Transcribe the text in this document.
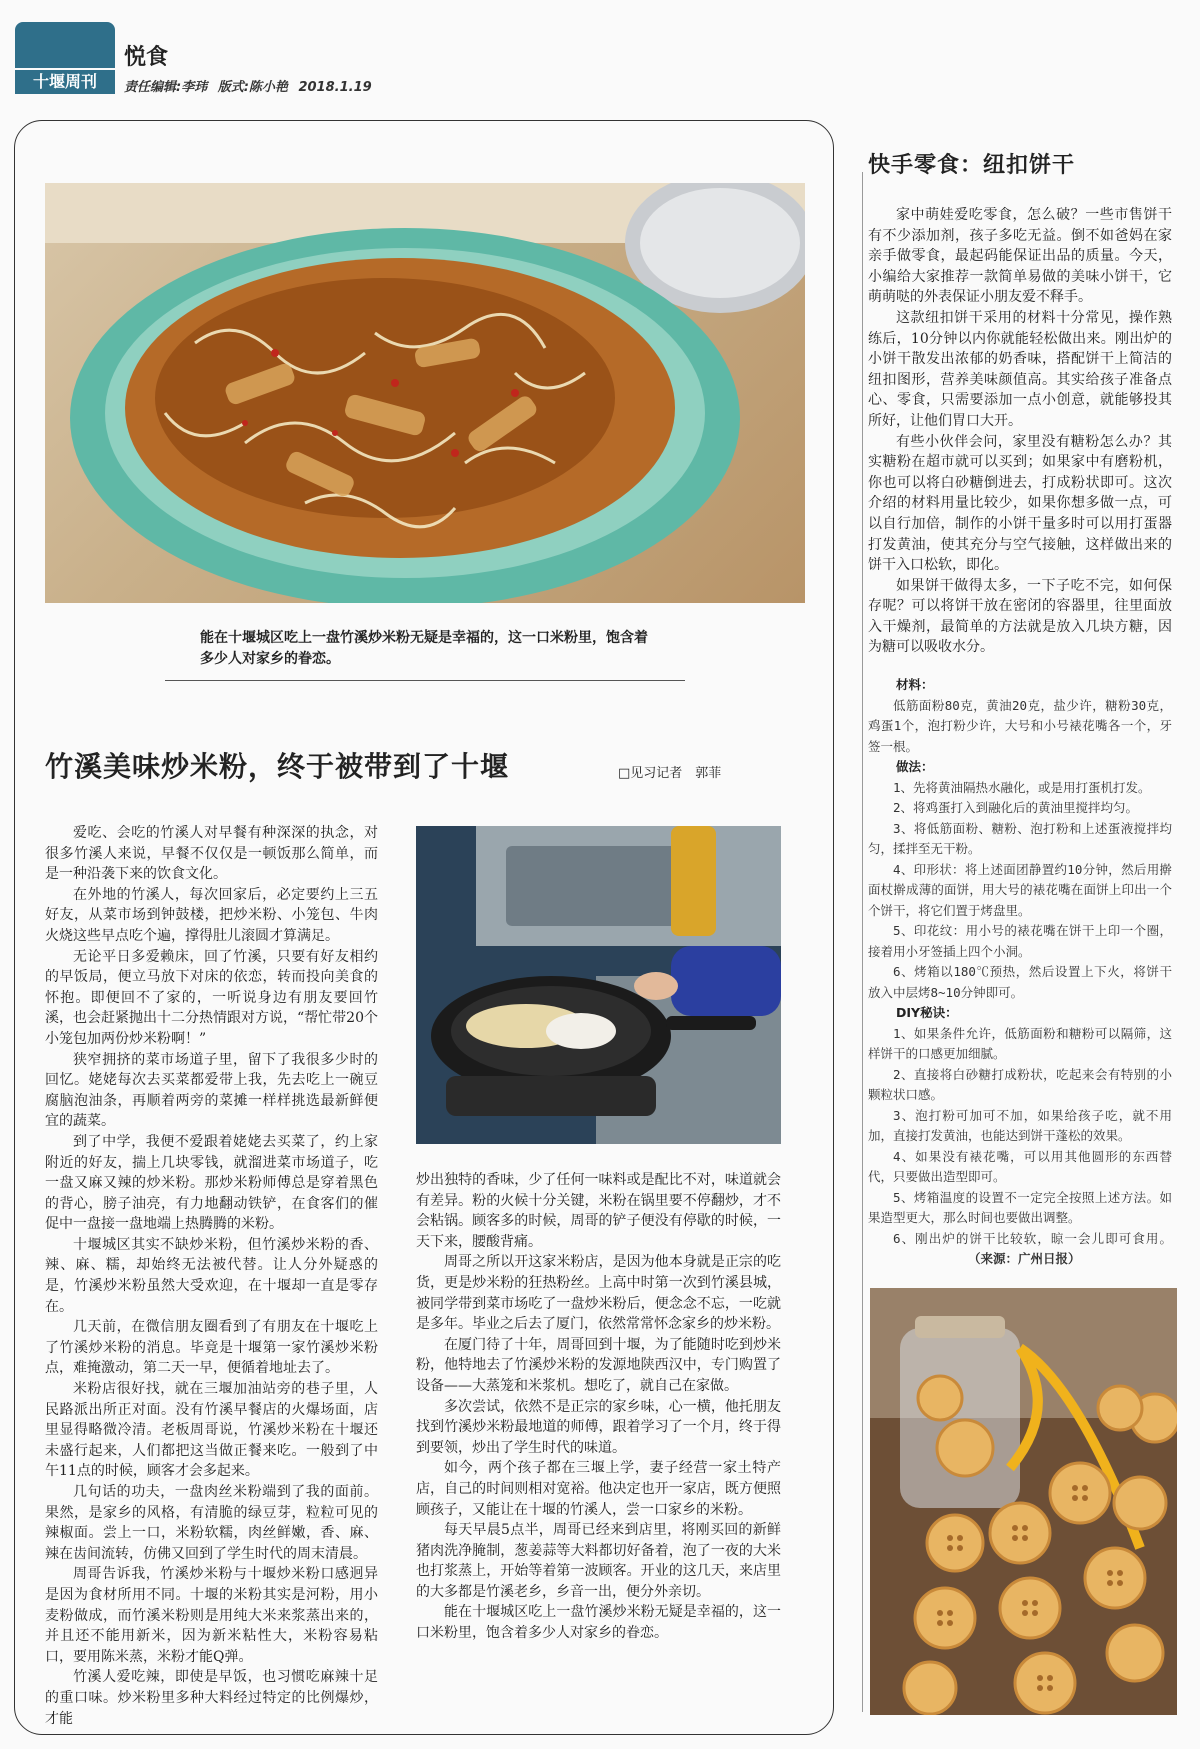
十堰周刊
悦食
责任编辑:李玮 版式:陈小艳 2018.1.19
能在十堰城区吃上一盘竹溪炒米粉无疑是幸福的，这一口米粉里，饱含着多少人对家乡的眷恋。
竹溪美味炒米粉，终于被带到了十堰	□见习记者　郭菲

爱吃、会吃的竹溪人对早餐有种深深的执念，对很多竹溪人来说，早餐不仅仅是一顿饭那么简单，而是一种沿袭下来的饮食文化。

在外地的竹溪人，每次回家后，必定要约上三五好友，从菜市场到钟鼓楼，把炒米粉、小笼包、牛肉火烧这些早点吃个遍，撑得肚儿滚圆才算满足。

无论平日多爱赖床，回了竹溪，只要有好友相约的早饭局，便立马放下对床的依恋，转而投向美食的怀抱。即便回不了家的，一听说身边有朋友要回竹溪，也会赶紧抛出十二分热情跟对方说，“帮忙带20个小笼包加两份炒米粉啊！”

狭窄拥挤的菜市场道子里，留下了我很多少时的回忆。姥姥每次去买菜都爱带上我，先去吃上一碗豆腐脑泡油条，再顺着两旁的菜摊一样样挑选最新鲜便宜的蔬菜。

到了中学，我便不爱跟着姥姥去买菜了，约上家附近的好友，揣上几块零钱，就溜进菜市场道子，吃一盘又麻又辣的炒米粉。那炒米粉师傅总是穿着黑色的背心，膀子油亮，有力地翻动铁铲，在食客们的催促中一盘接一盘地端上热腾腾的米粉。

十堰城区其实不缺炒米粉，但竹溪炒米粉的香、辣、麻、糯，却始终无法被代替。让人分外疑惑的是，竹溪炒米粉虽然大受欢迎，在十堰却一直是零存在。

几天前，在微信朋友圈看到了有朋友在十堰吃上了竹溪炒米粉的消息。毕竟是十堰第一家竹溪炒米粉点，难掩激动，第二天一早，便循着地址去了。

米粉店很好找，就在三堰加油站旁的巷子里，人民路派出所正对面。没有竹溪早餐店的火爆场面，店里显得略微冷清。老板周哥说，竹溪炒米粉在十堰还未盛行起来，人们都把这当做正餐来吃。一般到了中午11点的时候，顾客才会多起来。

几句话的功夫，一盘肉丝米粉端到了我的面前。果然，是家乡的风格，有清脆的绿豆芽，粒粒可见的辣椒面。尝上一口，米粉软糯，肉丝鲜嫩，香、麻、辣在齿间流转，仿佛又回到了学生时代的周末清晨。

周哥告诉我，竹溪炒米粉与十堰炒米粉口感迥异是因为食材所用不同。十堰的米粉其实是河粉，用小麦粉做成，而竹溪米粉则是用纯大米来浆蒸出来的，并且还不能用新米，因为新米粘性大，米粉容易粘口，要用陈米蒸，米粉才能Q弹。

竹溪人爱吃辣，即使是早饭，也习惯吃麻辣十足的重口味。炒米粉里多种大料经过特定的比例爆炒，才能

炒出独特的香味，少了任何一味料或是配比不对，味道就会有差异。粉的火候十分关键，米粉在锅里要不停翻炒，才不会粘锅。顾客多的时候，周哥的铲子便没有停歇的时候，一天下来，腰酸背痛。

周哥之所以开这家米粉店，是因为他本身就是正宗的吃货，更是炒米粉的狂热粉丝。上高中时第一次到竹溪县城，被同学带到菜市场吃了一盘炒米粉后，便念念不忘，一吃就是多年。毕业之后去了厦门，依然常常怀念家乡的炒米粉。

在厦门待了十年，周哥回到十堰，为了能随时吃到炒米粉，他特地去了竹溪炒米粉的发源地陕西汉中，专门购置了设备——大蒸笼和米浆机。想吃了，就自己在家做。

多次尝试，依然不是正宗的家乡味，心一横，他托朋友找到竹溪炒米粉最地道的师傅，跟着学习了一个月，终于得到要领，炒出了学生时代的味道。

如今，两个孩子都在三堰上学，妻子经营一家土特产店，自己的时间则相对宽裕。他决定也开一家店，既方便照顾孩子，又能让在十堰的竹溪人，尝一口家乡的米粉。

每天早晨5点半，周哥已经来到店里，将刚买回的新鲜猪肉洗净腌制，葱姜蒜等大料都切好备着，泡了一夜的大米也打浆蒸上，开始等着第一波顾客。开业的这几天，来店里的大多都是竹溪老乡，乡音一出，便分外亲切。

能在十堰城区吃上一盘竹溪炒米粉无疑是幸福的，这一口米粉里，饱含着多少人对家乡的眷恋。

快手零食：纽扣饼干

家中萌娃爱吃零食，怎么破？一些市售饼干有不少添加剂，孩子多吃无益。倒不如爸妈在家亲手做零食，最起码能保证出品的质量。今天，小编给大家推荐一款简单易做的美味小饼干，它萌萌哒的外表保证小朋友爱不释手。

这款纽扣饼干采用的材料十分常见，操作熟练后，10分钟以内你就能轻松做出来。刚出炉的小饼干散发出浓郁的奶香味，搭配饼干上简洁的纽扣图形，营养美味颜值高。其实给孩子准备点心、零食，只需要添加一点小创意，就能够投其所好，让他们胃口大开。

有些小伙伴会问，家里没有糖粉怎么办？其实糖粉在超市就可以买到；如果家中有磨粉机，你也可以将白砂糖倒进去，打成粉状即可。这次介绍的材料用量比较少，如果你想多做一点，可以自行加倍，制作的小饼干量多时可以用打蛋器打发黄油，使其充分与空气接触，这样做出来的饼干入口松软，即化。

如果饼干做得太多，一下子吃不完，如何保存呢？可以将饼干放在密闭的容器里，往里面放入干燥剂，最简单的方法就是放入几块方糖，因为糖可以吸收水分。

材料：
低筋面粉80克，黄油20克，盐少许，糖粉30克，鸡蛋1个，泡打粉少许，大号和小号裱花嘴各一个，牙签一根。
做法：
1、先将黄油隔热水融化，或是用打蛋机打发。
2、将鸡蛋打入到融化后的黄油里搅拌均匀。
3、将低筋面粉、糖粉、泡打粉和上述蛋液搅拌均匀，揉拌至无干粉。
4、印形状：将上述面团静置约10分钟，然后用擀面杖擀成薄的面饼，用大号的裱花嘴在面饼上印出一个个饼干，将它们置于烤盘里。
5、印花纹：用小号的裱花嘴在饼干上印一个圈，接着用小牙签插上四个小洞。
6、烤箱以180℃预热，然后设置上下火，将饼干放入中层烤8~10分钟即可。
DIY秘诀：
1、如果条件允许，低筋面粉和糖粉可以隔筛，这样饼干的口感更加细腻。
2、直接将白砂糖打成粉状，吃起来会有特别的小颗粒状口感。
3、泡打粉可加可不加，如果给孩子吃，就不用加，直接打发黄油，也能达到饼干蓬松的效果。
4、如果没有裱花嘴，可以用其他圆形的东西替代，只要做出造型即可。
5、烤箱温度的设置不一定完全按照上述方法。如果造型更大，那么时间也要做出调整。
6、刚出炉的饼干比较软，晾一会儿即可食用。（来源：广州日报）
